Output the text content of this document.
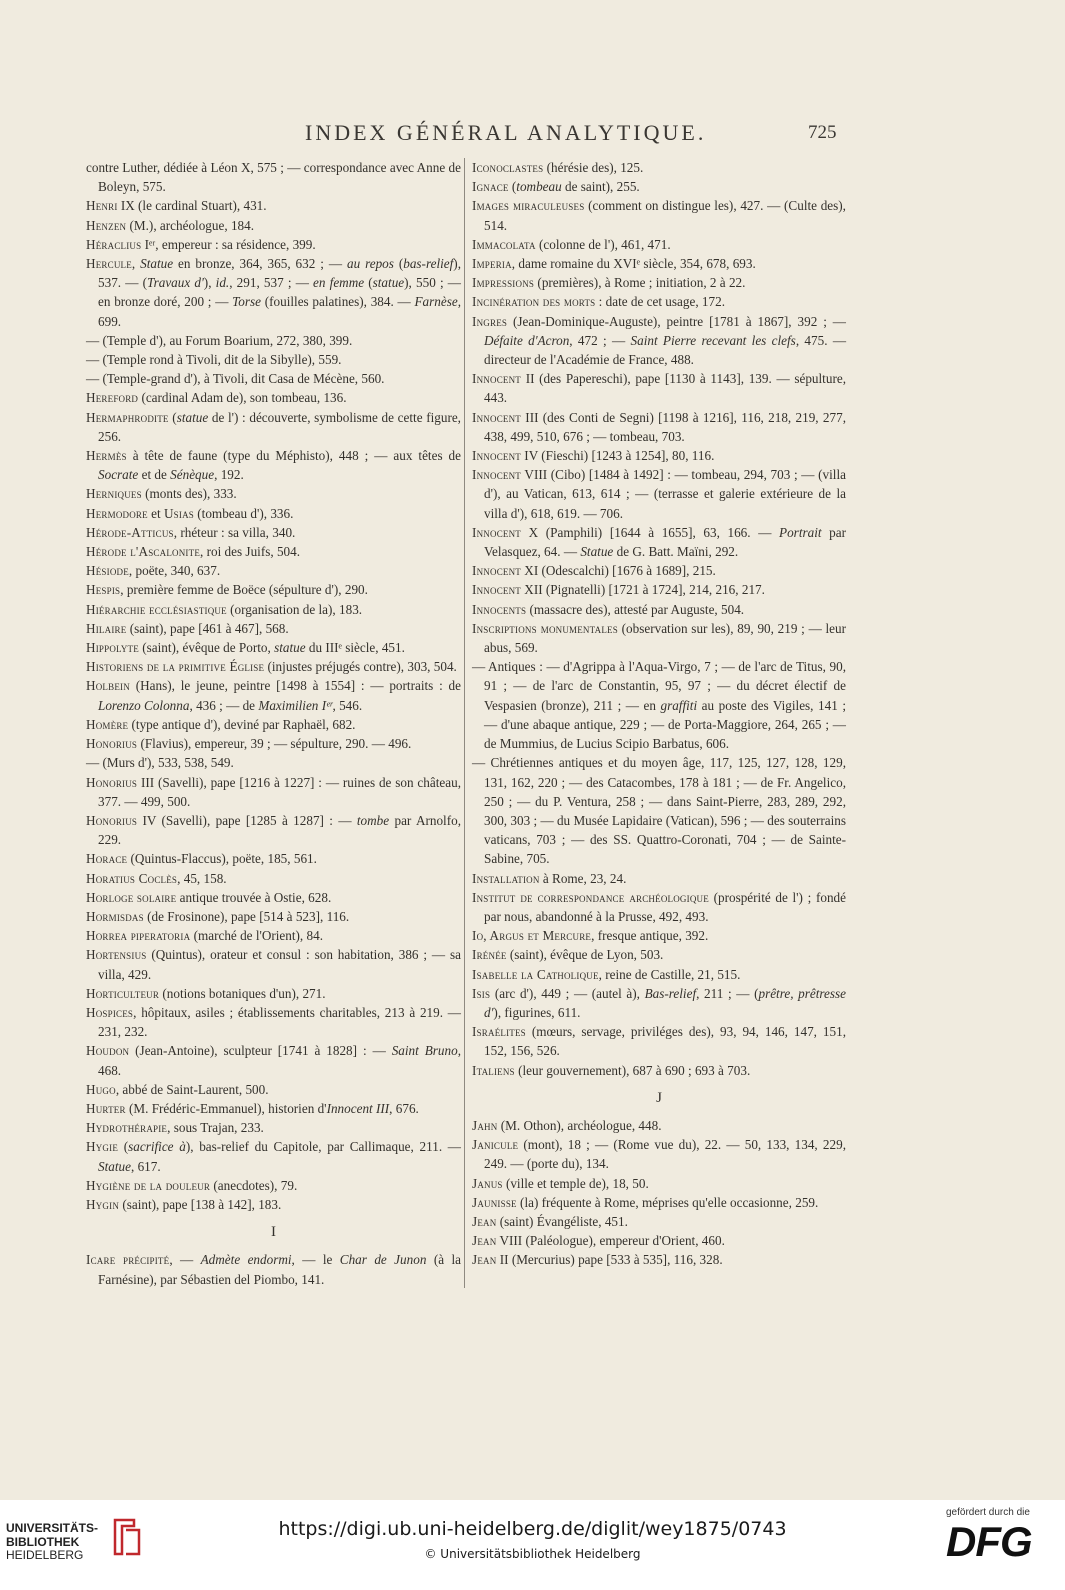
INDEX GÉNÉRAL ANALYTIQUE.	725
contre Luther, dédiée à Léon X, 575 ; — correspondance avec Anne de Boleyn, 575.
Henri IX (le cardinal Stuart), 431.
Henzen (M.), archéologue, 184.
Héraclius Iᵉʳ, empereur : sa résidence, 399.
Hercule, Statue en bronze, 364, 365, 632 ; — au repos (bas-relief), 537. — (Travaux d'), id., 291, 537 ; — en femme (statue), 550 ; — en bronze doré, 200 ; — Torse (fouilles palatines), 384. — Farnèse, 699.
— (Temple d'), au Forum Boarium, 272, 380, 399.
— (Temple rond à Tivoli, dit de la Sibylle), 559.
— (Temple-grand d'), à Tivoli, dit Casa de Mécène, 560.
Hereford (cardinal Adam de), son tombeau, 136.
Hermaphrodite (statue de l') : découverte, symbolisme de cette figure, 256.
Hermès à tête de faune (type du Méphisto), 448 ; — aux têtes de Socrate et de Sénèque, 192.
Herniques (monts des), 333.
Hermodore et Usias (tombeau d'), 336.
Hérode-Atticus, rhéteur : sa villa, 340.
Hérode l'Ascalonite, roi des Juifs, 504.
Hésiode, poëte, 340, 637.
Hespis, première femme de Boëce (sépulture d'), 290.
Hiérarchie ecclésiastique (organisation de la), 183.
Hilaire (saint), pape [461 à 467], 568.
Hippolyte (saint), évêque de Porto, statue du IIIᵉ siècle, 451.
Historiens de la primitive Église (injustes préjugés contre), 303, 504.
Holbein (Hans), le jeune, peintre [1498 à 1554] : — portraits : de Lorenzo Colonna, 436 ; — de Maximilien Iᵉʳ, 546.
Homère (type antique d'), deviné par Raphaël, 682.
Honorius (Flavius), empereur, 39 ; — sépulture, 290. — 496.
— (Murs d'), 533, 538, 549.
Honorius III (Savelli), pape [1216 à 1227] : — ruines de son château, 377. — 499, 500.
Honorius IV (Savelli), pape [1285 à 1287] : — tombe par Arnolfo, 229.
Horace (Quintus-Flaccus), poëte, 185, 561.
Horatius Coclès, 45, 158.
Horloge solaire antique trouvée à Ostie, 628.
Hormisdas (de Frosinone), pape [514 à 523], 116.
Horrea piperatoria (marché de l'Orient), 84.
Hortensius (Quintus), orateur et consul : son habitation, 386 ; — sa villa, 429.
Horticulteur (notions botaniques d'un), 271.
Hospices, hôpitaux, asiles ; établissements charitables, 213 à 219. — 231, 232.
Houdon (Jean-Antoine), sculpteur [1741 à 1828] : — Saint Bruno, 468.
Hugo, abbé de Saint-Laurent, 500.
Hurter (M. Frédéric-Emmanuel), historien d'Innocent III, 676.
Hydrothérapie, sous Trajan, 233.
Hygie (sacrifice à), bas-relief du Capitole, par Callimaque, 211. — Statue, 617.
Hygiène de la douleur (anecdotes), 79.
Hygin (saint), pape [138 à 142], 183.
I
Icare précipité, — Admète endormi, — le Char de Junon (à la Farnésine), par Sébastien del Piombo, 141.
Iconoclastes (hérésie des), 125.
Ignace (tombeau de saint), 255.
Images miraculeuses (comment on distingue les), 427. — (Culte des), 514.
Immacolata (colonne de l'), 461, 471.
Imperia, dame romaine du XVIᵉ siècle, 354, 678, 693.
Impressions (premières), à Rome ; initiation, 2 à 22.
Incinération des morts : date de cet usage, 172.
Ingres (Jean-Dominique-Auguste), peintre [1781 à 1867], 392 ; — Défaite d'Acron, 472 ; — Saint Pierre recevant les clefs, 475. — directeur de l'Académie de France, 488.
Innocent II (des Papereschi), pape [1130 à 1143], 139. — sépulture, 443.
Innocent III (des Conti de Segni) [1198 à 1216], 116, 218, 219, 277, 438, 499, 510, 676 ; — tombeau, 703.
Innocent IV (Fieschi) [1243 à 1254], 80, 116.
Innocent VIII (Cibo) [1484 à 1492] : — tombeau, 294, 703 ; — (villa d'), au Vatican, 613, 614 ; — (terrasse et galerie extérieure de la villa d'), 618, 619. — 706.
Innocent X (Pamphili) [1644 à 1655], 63, 166. — Portrait par Velasquez, 64. — Statue de G. Batt. Maïni, 292.
Innocent XI (Odescalchi) [1676 à 1689], 215.
Innocent XII (Pignatelli) [1721 à 1724], 214, 216, 217.
Innocents (massacre des), attesté par Auguste, 504.
Inscriptions monumentales (observation sur les), 89, 90, 219 ; — leur abus, 569.
— Antiques : — d'Agrippa à l'Aqua-Virgo, 7 ; — de l'arc de Titus, 90, 91 ; — de l'arc de Constantin, 95, 97 ; — du décret électif de Vespasien (bronze), 211 ; — en graffiti au poste des Vigiles, 141 ; — d'une abaque antique, 229 ; — de Porta-Maggiore, 264, 265 ; — de Mummius, de Lucius Scipio Barbatus, 606.
— Chrétiennes antiques et du moyen âge, 117, 125, 127, 128, 129, 131, 162, 220 ; — des Catacombes, 178 à 181 ; — de Fr. Angelico, 250 ; — du P. Ventura, 258 ; — dans Saint-Pierre, 283, 289, 292, 300, 303 ; — du Musée Lapidaire (Vatican), 596 ; — des souterrains vaticans, 703 ; — des SS. Quattro-Coronati, 704 ; — de Sainte-Sabine, 705.
Installation à Rome, 23, 24.
Institut de correspondance archéologique (prospérité de l') ; fondé par nous, abandonné à la Prusse, 492, 493.
Io, Argus et Mercure, fresque antique, 392.
Irénée (saint), évêque de Lyon, 503.
Isabelle la Catholique, reine de Castille, 21, 515.
Isis (arc d'), 449 ; — (autel à), Bas-relief, 211 ; — (prêtre, prêtresse d'), figurines, 611.
Israélites (mœurs, servage, priviléges des), 93, 94, 146, 147, 151, 152, 156, 526.
Italiens (leur gouvernement), 687 à 690 ; 693 à 703.
J
Jahn (M. Othon), archéologue, 448.
Janicule (mont), 18 ; — (Rome vue du), 22. — 50, 133, 134, 229, 249. — (porte du), 134.
Janus (ville et temple de), 18, 50.
Jaunisse (la) fréquente à Rome, méprises qu'elle occasionne, 259.
Jean (saint) Évangéliste, 451.
Jean VIII (Paléologue), empereur d'Orient, 460.
Jean II (Mercurius) pape [533 à 535], 116, 328.
UNIVERSITÄTS-
BIBLIOTHEK
HEIDELBERG
https://digi.ub.uni-heidelberg.de/diglit/wey1875/0743
© Universitätsbibliothek Heidelberg
gefördert durch die
DFG
